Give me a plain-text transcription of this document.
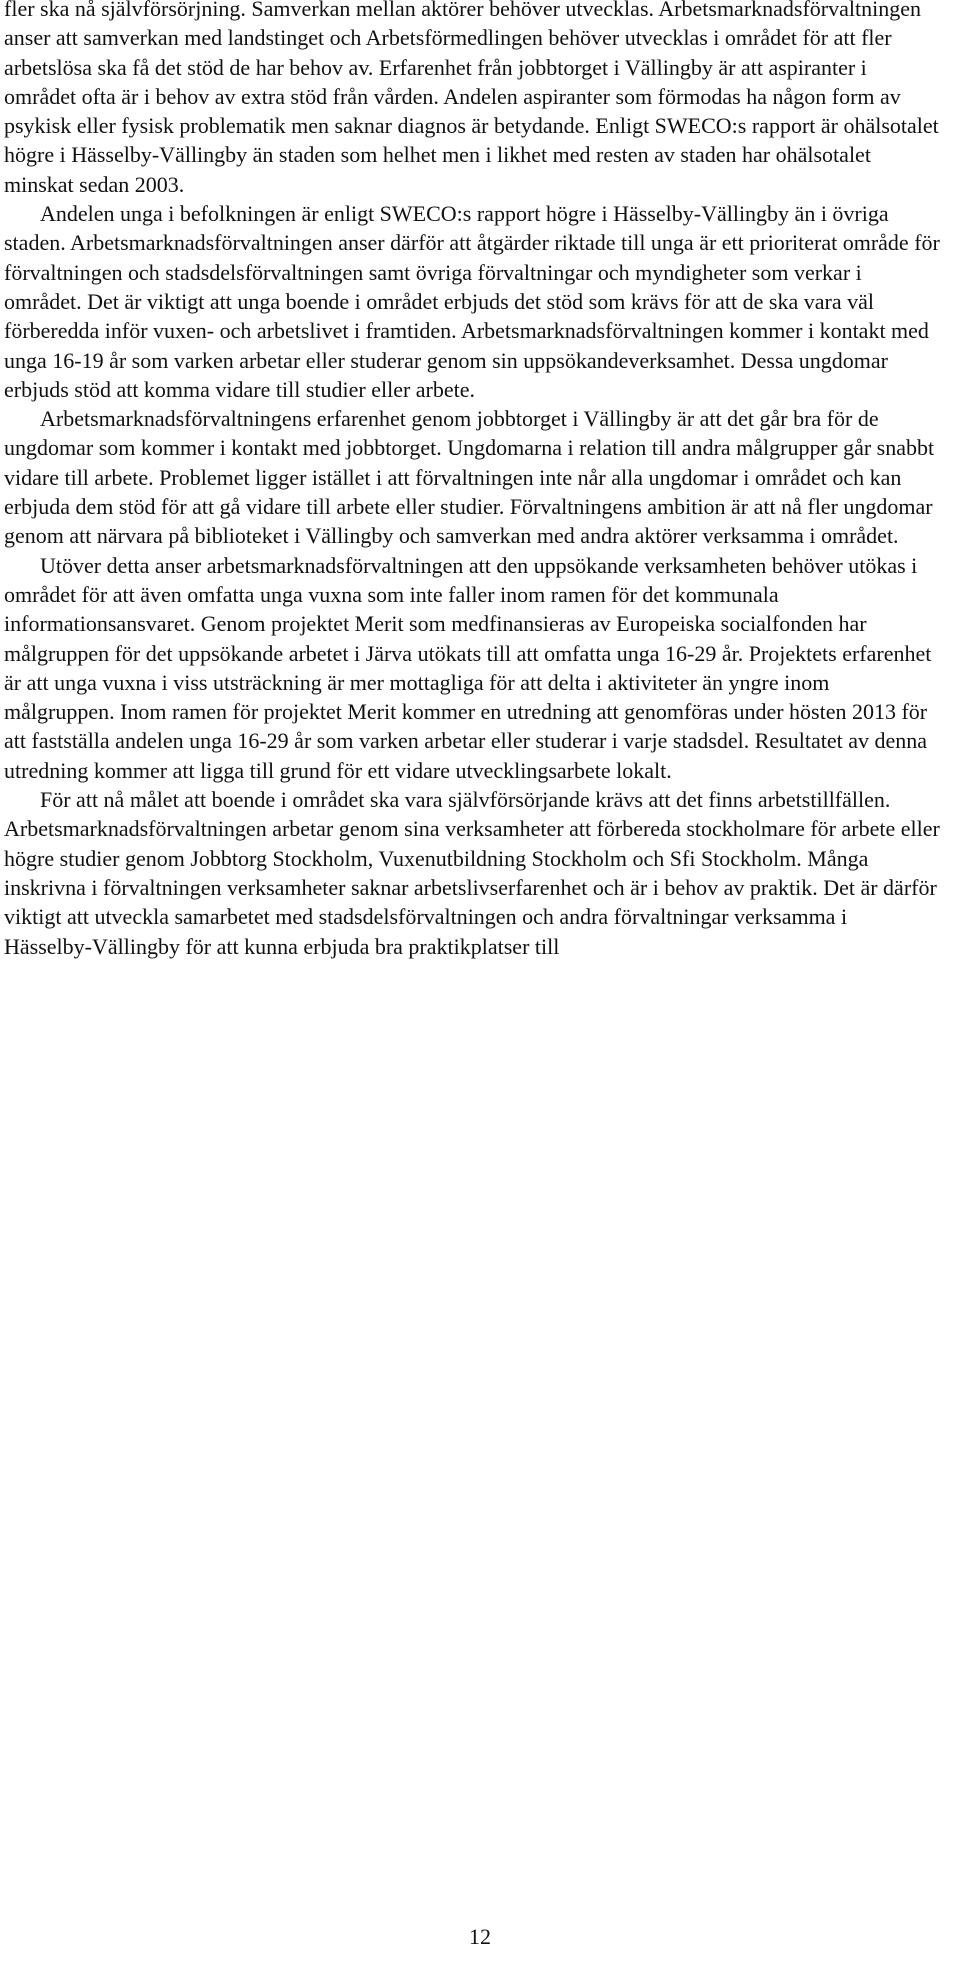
fler ska nå självförsörjning. Samverkan mellan aktörer behöver utvecklas. Arbetsmarknadsförvaltningen anser att samverkan med landstinget och Arbetsförmedlingen behöver utvecklas i området för att fler arbetslösa ska få det stöd de har behov av. Erfarenhet från jobbtorget i Vällingby är att aspiranter i området ofta är i behov av extra stöd från vården. Andelen aspiranter som förmodas ha någon form av psykisk eller fysisk problematik men saknar diagnos är betydande. Enligt SWECO:s rapport är ohälsotalet högre i Hässelby-Vällingby än staden som helhet men i likhet med resten av staden har ohälsotalet minskat sedan 2003.

Andelen unga i befolkningen är enligt SWECO:s rapport högre i Hässelby-Vällingby än i övriga staden. Arbetsmarknadsförvaltningen anser därför att åtgärder riktade till unga är ett prioriterat område för förvaltningen och stadsdelsförvaltningen samt övriga förvaltningar och myndigheter som verkar i området. Det är viktigt att unga boende i området erbjuds det stöd som krävs för att de ska vara väl förberedda inför vuxen- och arbetslivet i framtiden. Arbetsmarknadsförvaltningen kommer i kontakt med unga 16-19 år som varken arbetar eller studerar genom sin uppsökandeverksamhet. Dessa ungdomar erbjuds stöd att komma vidare till studier eller arbete.

Arbetsmarknadsförvaltningens erfarenhet genom jobbtorget i Vällingby är att det går bra för de ungdomar som kommer i kontakt med jobbtorget. Ungdomarna i relation till andra målgrupper går snabbt vidare till arbete. Problemet ligger istället i att förvaltningen inte når alla ungdomar i området och kan erbjuda dem stöd för att gå vidare till arbete eller studier. Förvaltningens ambition är att nå fler ungdomar genom att närvara på biblioteket i Vällingby och samverkan med andra aktörer verksamma i området.

Utöver detta anser arbetsmarknadsförvaltningen att den uppsökande verksamheten behöver utökas i området för att även omfatta unga vuxna som inte faller inom ramen för det kommunala informationsansvaret. Genom projektet Merit som medfinansieras av Europeiska socialfonden har målgruppen för det uppsökande arbetet i Järva utökats till att omfatta unga 16-29 år. Projektets erfarenhet är att unga vuxna i viss utsträckning är mer mottagliga för att delta i aktiviteter än yngre inom målgruppen. Inom ramen för projektet Merit kommer en utredning att genomföras under hösten 2013 för att fastställa andelen unga 16-29 år som varken arbetar eller studerar i varje stadsdel. Resultatet av denna utredning kommer att ligga till grund för ett vidare utvecklingsarbete lokalt.

För att nå målet att boende i området ska vara självförsörjande krävs att det finns arbetstillfällen. Arbetsmarknadsförvaltningen arbetar genom sina verksamheter att förbereda stockholmare för arbete eller högre studier genom Jobbtorg Stockholm, Vuxenutbildning Stockholm och Sfi Stockholm. Många inskrivna i förvaltningen verksamheter saknar arbetslivserfarenhet och är i behov av praktik. Det är därför viktigt att utveckla samarbetet med stadsdelsförvaltningen och andra förvaltningar verksamma i Hässelby-Vällingby för att kunna erbjuda bra praktikplatser till

12
